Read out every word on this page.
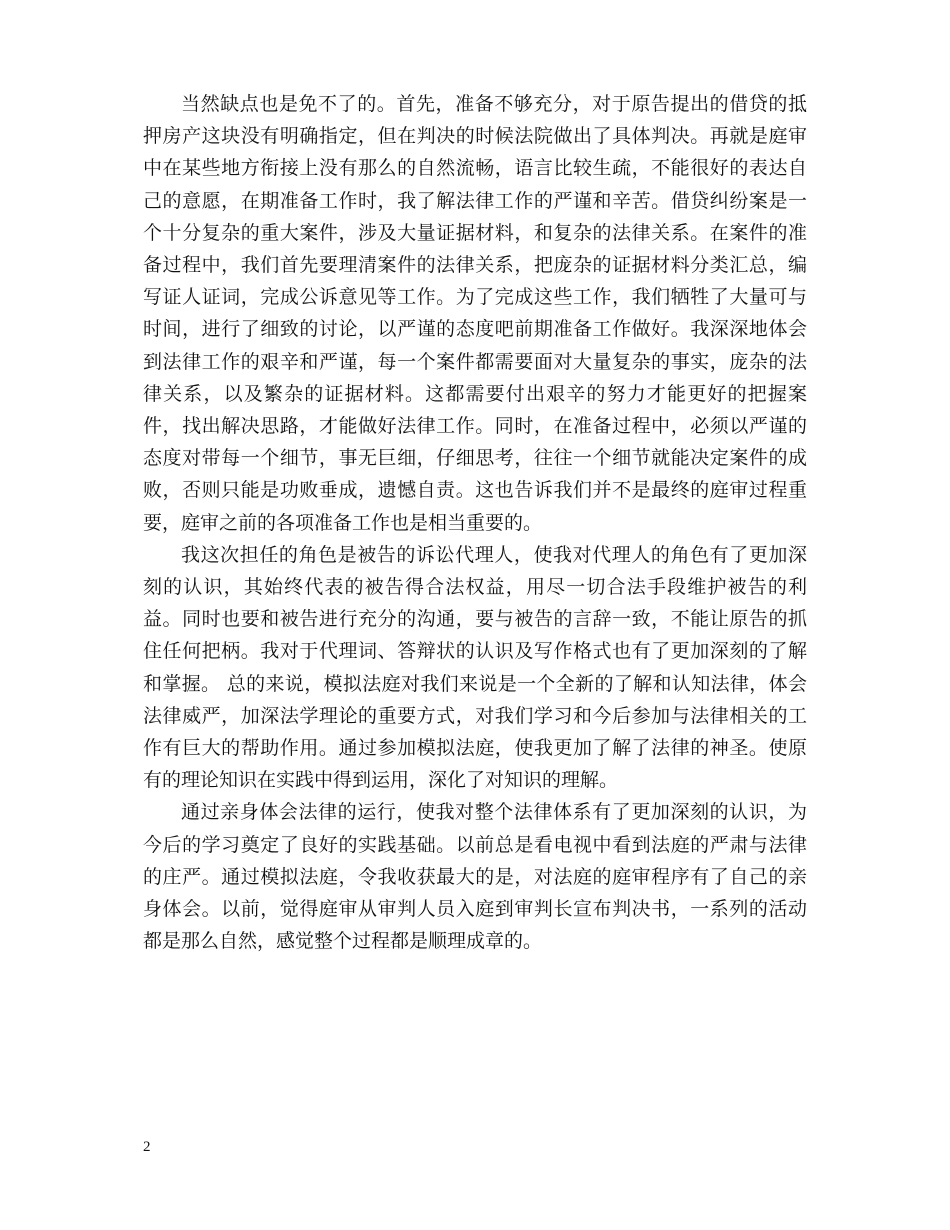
当然缺点也是免不了的。首先，准备不够充分，对于原告提出的借贷的抵押房产这块没有明确指定，但在判决的时候法院做出了具体判决。再就是庭审中在某些地方衔接上没有那么的自然流畅，语言比较生疏，不能很好的表达自己的意愿，在期准备工作时，我了解法律工作的严谨和辛苦。借贷纠纷案是一个十分复杂的重大案件，涉及大量证据材料，和复杂的法律关系。在案件的准备过程中，我们首先要理清案件的法律关系，把庞杂的证据材料分类汇总，编写证人证词，完成公诉意见等工作。为了完成这些工作，我们牺牲了大量可与时间，进行了细致的讨论，以严谨的态度吧前期准备工作做好。我深深地体会到法律工作的艰辛和严谨，每一个案件都需要面对大量复杂的事实，庞杂的法律关系，以及繁杂的证据材料。这都需要付出艰辛的努力才能更好的把握案件，找出解决思路，才能做好法律工作。同时，在准备过程中，必须以严谨的态度对带每一个细节，事无巨细，仔细思考，往往一个细节就能决定案件的成败，否则只能是功败垂成，遗憾自责。这也告诉我们并不是最终的庭审过程重要，庭审之前的各项准备工作也是相当重要的。

我这次担任的角色是被告的诉讼代理人，使我对代理人的角色有了更加深刻的认识，其始终代表的被告得合法权益，用尽一切合法手段维护被告的利益。同时也要和被告进行充分的沟通，要与被告的言辞一致，不能让原告的抓住任何把柄。我对于代理词、答辩状的认识及写作格式也有了更加深刻的了解和掌握。 总的来说，模拟法庭对我们来说是一个全新的了解和认知法律，体会法律威严，加深法学理论的重要方式，对我们学习和今后参加与法律相关的工作有巨大的帮助作用。通过参加模拟法庭，使我更加了解了法律的神圣。使原有的理论知识在实践中得到运用，深化了对知识的理解。

通过亲身体会法律的运行，使我对整个法律体系有了更加深刻的认识，为今后的学习奠定了良好的实践基础。以前总是看电视中看到法庭的严肃与法律的庄严。通过模拟法庭，令我收获最大的是，对法庭的庭审程序有了自己的亲身体会。以前，觉得庭审从审判人员入庭到审判长宣布判决书，一系列的活动都是那么自然，感觉整个过程都是顺理成章的。

2
